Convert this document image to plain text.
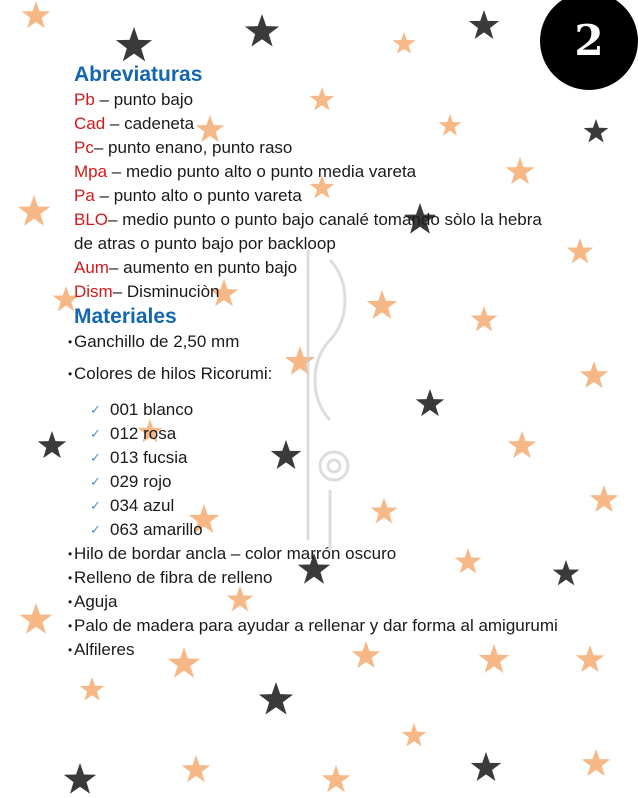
2
Abreviaturas

Pb – punto bajo

Cad – cadeneta

Pc– punto enano, punto raso

Mpa – medio punto alto o punto media vareta

Pa – punto alto o punto vareta

BLO– medio punto o punto bajo canalé tomando sòlo la hebra de atras o punto bajo por backloop

Aum– aumento en punto bajo

Dism– Disminuciòn

Materiales
• Ganchillo de 2,50 mm
• Colores de hilos Ricorumi:
✓ 001 blanco
✓ 012 rosa
✓ 013 fucsia
✓ 029 rojo
✓ 034 azul
✓ 063 amarillo
• Hilo de bordar ancla – color marrón oscuro
• Relleno de fibra de relleno
• Aguja
• Palo de madera para ayudar a rellenar y dar forma al amigurumi
• Alfileres
